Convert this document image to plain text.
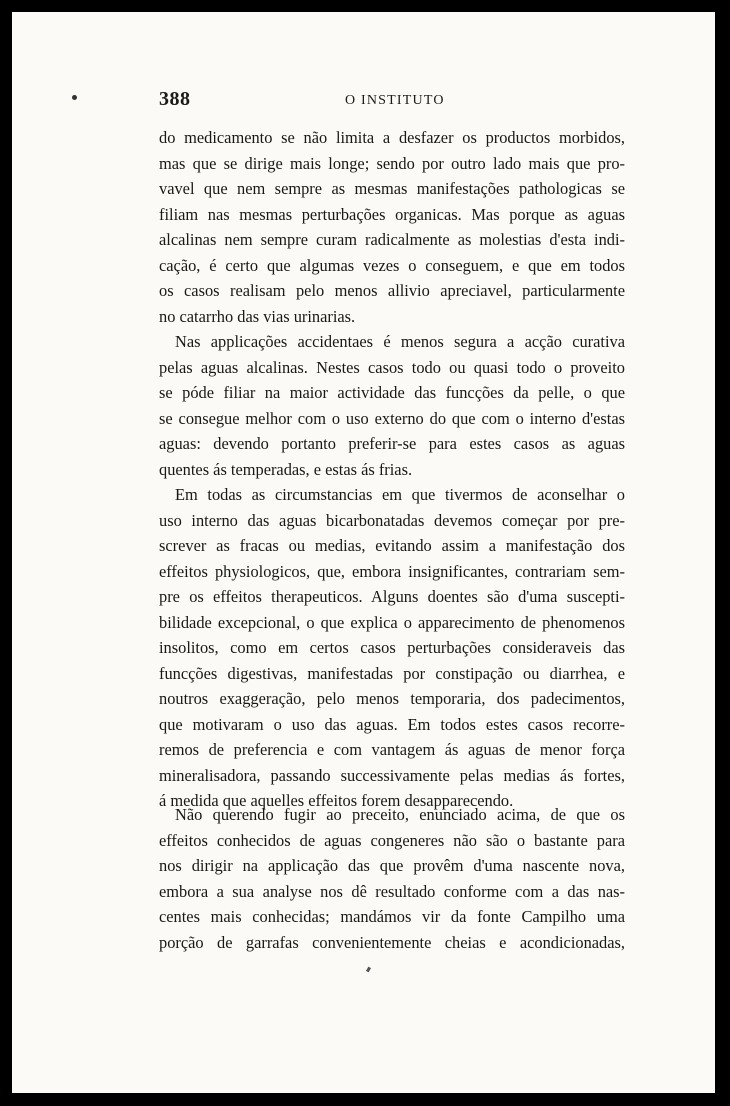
388	O INSTITUTO
do medicamento se não limita a desfazer os productos morbidos,
mas que se dirige mais longe; sendo por outro lado mais que pro-
vavel que nem sempre as mesmas manifestações pathologicas se
filiam nas mesmas perturbações organicas. Mas porque as aguas
alcalinas nem sempre curam radicalmente as molestias d'esta indi-
cação, é certo que algumas vezes o conseguem, e que em todos
os casos realisam pelo menos allivio apreciavel, particularmente
no catarrho das vias urinarias.
Nas applicações accidentaes é menos segura a acção curativa
pelas aguas alcalinas. Nestes casos todo ou quasi todo o proveito
se póde filiar na maior actividade das funcções da pelle, o que
se consegue melhor com o uso externo do que com o interno d'estas
aguas: devendo portanto preferir-se para estes casos as aguas
quentes ás temperadas, e estas ás frias.
Em todas as circumstancias em que tivermos de aconselhar o
uso interno das aguas bicarbonatadas devemos começar por pre-
screver as fracas ou medias, evitando assim a manifestação dos
effeitos physiologicos, que, embora insignificantes, contrariam sem-
pre os effeitos therapeuticos. Alguns doentes são d'uma suscepti-
bilidade excepcional, o que explica o apparecimento de phenomenos
insolitos, como em certos casos perturbações consideraveis das
funcções digestivas, manifestadas por constipação ou diarrhea, e
noutros exaggeração, pelo menos temporaria, dos padecimentos,
que motivaram o uso das aguas. Em todos estes casos recorre-
remos de preferencia e com vantagem ás aguas de menor força
mineralisadora, passando successivamente pelas medias ás fortes,
á medida que aquelles effeitos forem desapparecendo.
Não querendo fugir ao preceito, enunciado acima, de que os
effeitos conhecidos de aguas congeneres não são o bastante para
nos dirigir na applicação das que provêm d'uma nascente nova,
embora a sua analyse nos dê resultado conforme com a das nas-
centes mais conhecidas; mandámos vir da fonte Campilho uma
porção de garrafas convenientemente cheias e acondicionadas,
